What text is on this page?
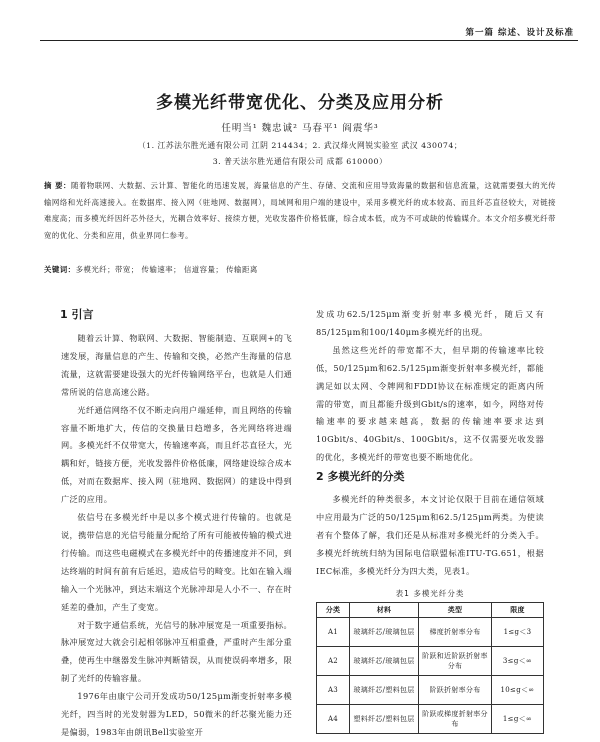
第一篇 综述、设计及标准
多模光纤带宽优化、分类及应用分析
任明当¹ 魏忠诚² 马春平¹ 阎震华³
（1. 江苏法尔胜光通有限公司 江阴 214434；2. 武汉烽火网锐实验室 武汉 430074；
3. 普天法尔胜光通信有限公司 成都 610000）
摘 要：随着物联网、大数据、云计算、智能化的迅速发展，海量信息的产生、存储、交流和应用导致海量的数据和信息流量，这就需要强大的光传输网络和光纤高速接入。在数据库、接入网（驻地网、数据网），局域网和用户端的建设中，采用多模光纤的成本较高、而且纤芯直径较大，对链接难度高；而多模光纤因纤芯外径大，光耦合效率好、接续方便，光收发器件价格低廉，综合成本低，成为不可或缺的传输媒介。本文介绍多模光纤带宽的优化、分类和应用，供业界同仁参考。
关键词：多模光纤；带宽； 传输速率； 信道容量； 传输距离
1 引言

随着云计算、物联网、大数据、智能制造、互联网+的飞速发展，海量信息的产生、传输和交换，必然产生海量的信息流量，这就需要建设强大的光纤传输网络平台，也就是人们通常所说的信息高速公路。

光纤通信网络不仅不断走向用户端延伸，而且网络的传输容量不断地扩大，传信的交换量日趋增多，各光网络将进端网。多模光纤不仅带宽大，传输速率高，而且纤芯直径大，光耦和好，链接方便，光收发器件价格低廉，网络建设综合成本低，对而在数据库、接入网（驻地网、数据网）的建设中得到广泛的应用。

依信号在多模光纤中是以多个模式进行传输的。也就是说，携带信息的光信号能量分配给了所有可能被传输的模式进行传输。而这些电磁模式在多模光纤中的传播速度并不同，到达终端的时间有前有后延迟，造成信号的畸变。比如在输入端输入一个光脉冲，到达末端这个光脉冲却是人小不一、存在时延差的叠加，产生了变宽。

对于数字通信系统，光信号的脉冲展宽是一项重要指标。脉冲展宽过大就会引起相邻脉冲互相重叠，严重时产生部分重叠，使再生中继器发生脉冲判断错误，从而使误码率增多，限制了光纤的传输容量。

1976年由康宁公司开发成功50/125μm渐变折射率多模光纤，四当时的光发射器为LED，50微米的纤芯聚光能力还是偏弱，1983年由朗讯Bell实验室开

发成功62.5/125μm渐变折射率多模光纤，随后又有85/125μm和100/140μm多模光纤的出现。

虽然这些光纤的带宽都不大，但早期的传输速率比较低，50/125μm和62.5/125μm渐变折射率多模光纤，都能满足如以太网、令牌网和FDDI协议在标准规定的距离内所需的带宽，而且都能升级到Gbit/s的速率，如今，网络对传输速率的要求越来越高，数据的传输速率要求达到10Gbit/s、40Gbit/s、100Gbit/s，这不仅需要光收发器的优化，多模光纤的带宽也要不断地优化。

2 多模光纤的分类

多模光纤的种类很多，本文讨论仅限于目前在通信领域中应用最为广泛的50/125μm和62.5/125μm两类。为使读者有个整体了解，我们还是从标准对多模光纤的分类入手。多模光纤统统归纳为国际电信联盟标准ITU-TG.651，根据IEC标准，多模光纤分为四大类，见表1。

表1 多模光纤分类
分类	材料	类型	限度
A1	玻璃纤芯/玻璃包层	梯度折射率分布	1≤g＜3
A2	玻璃纤芯/玻璃包层	阶跃和近阶跃折射率分布	3≤g＜∞
A3	玻璃纤芯/塑料包层	阶跃折射率分布	10≤g＜∞
A4	塑料纤芯/塑料包层	阶跃或梯度折射率分布	1≤g＜∞
